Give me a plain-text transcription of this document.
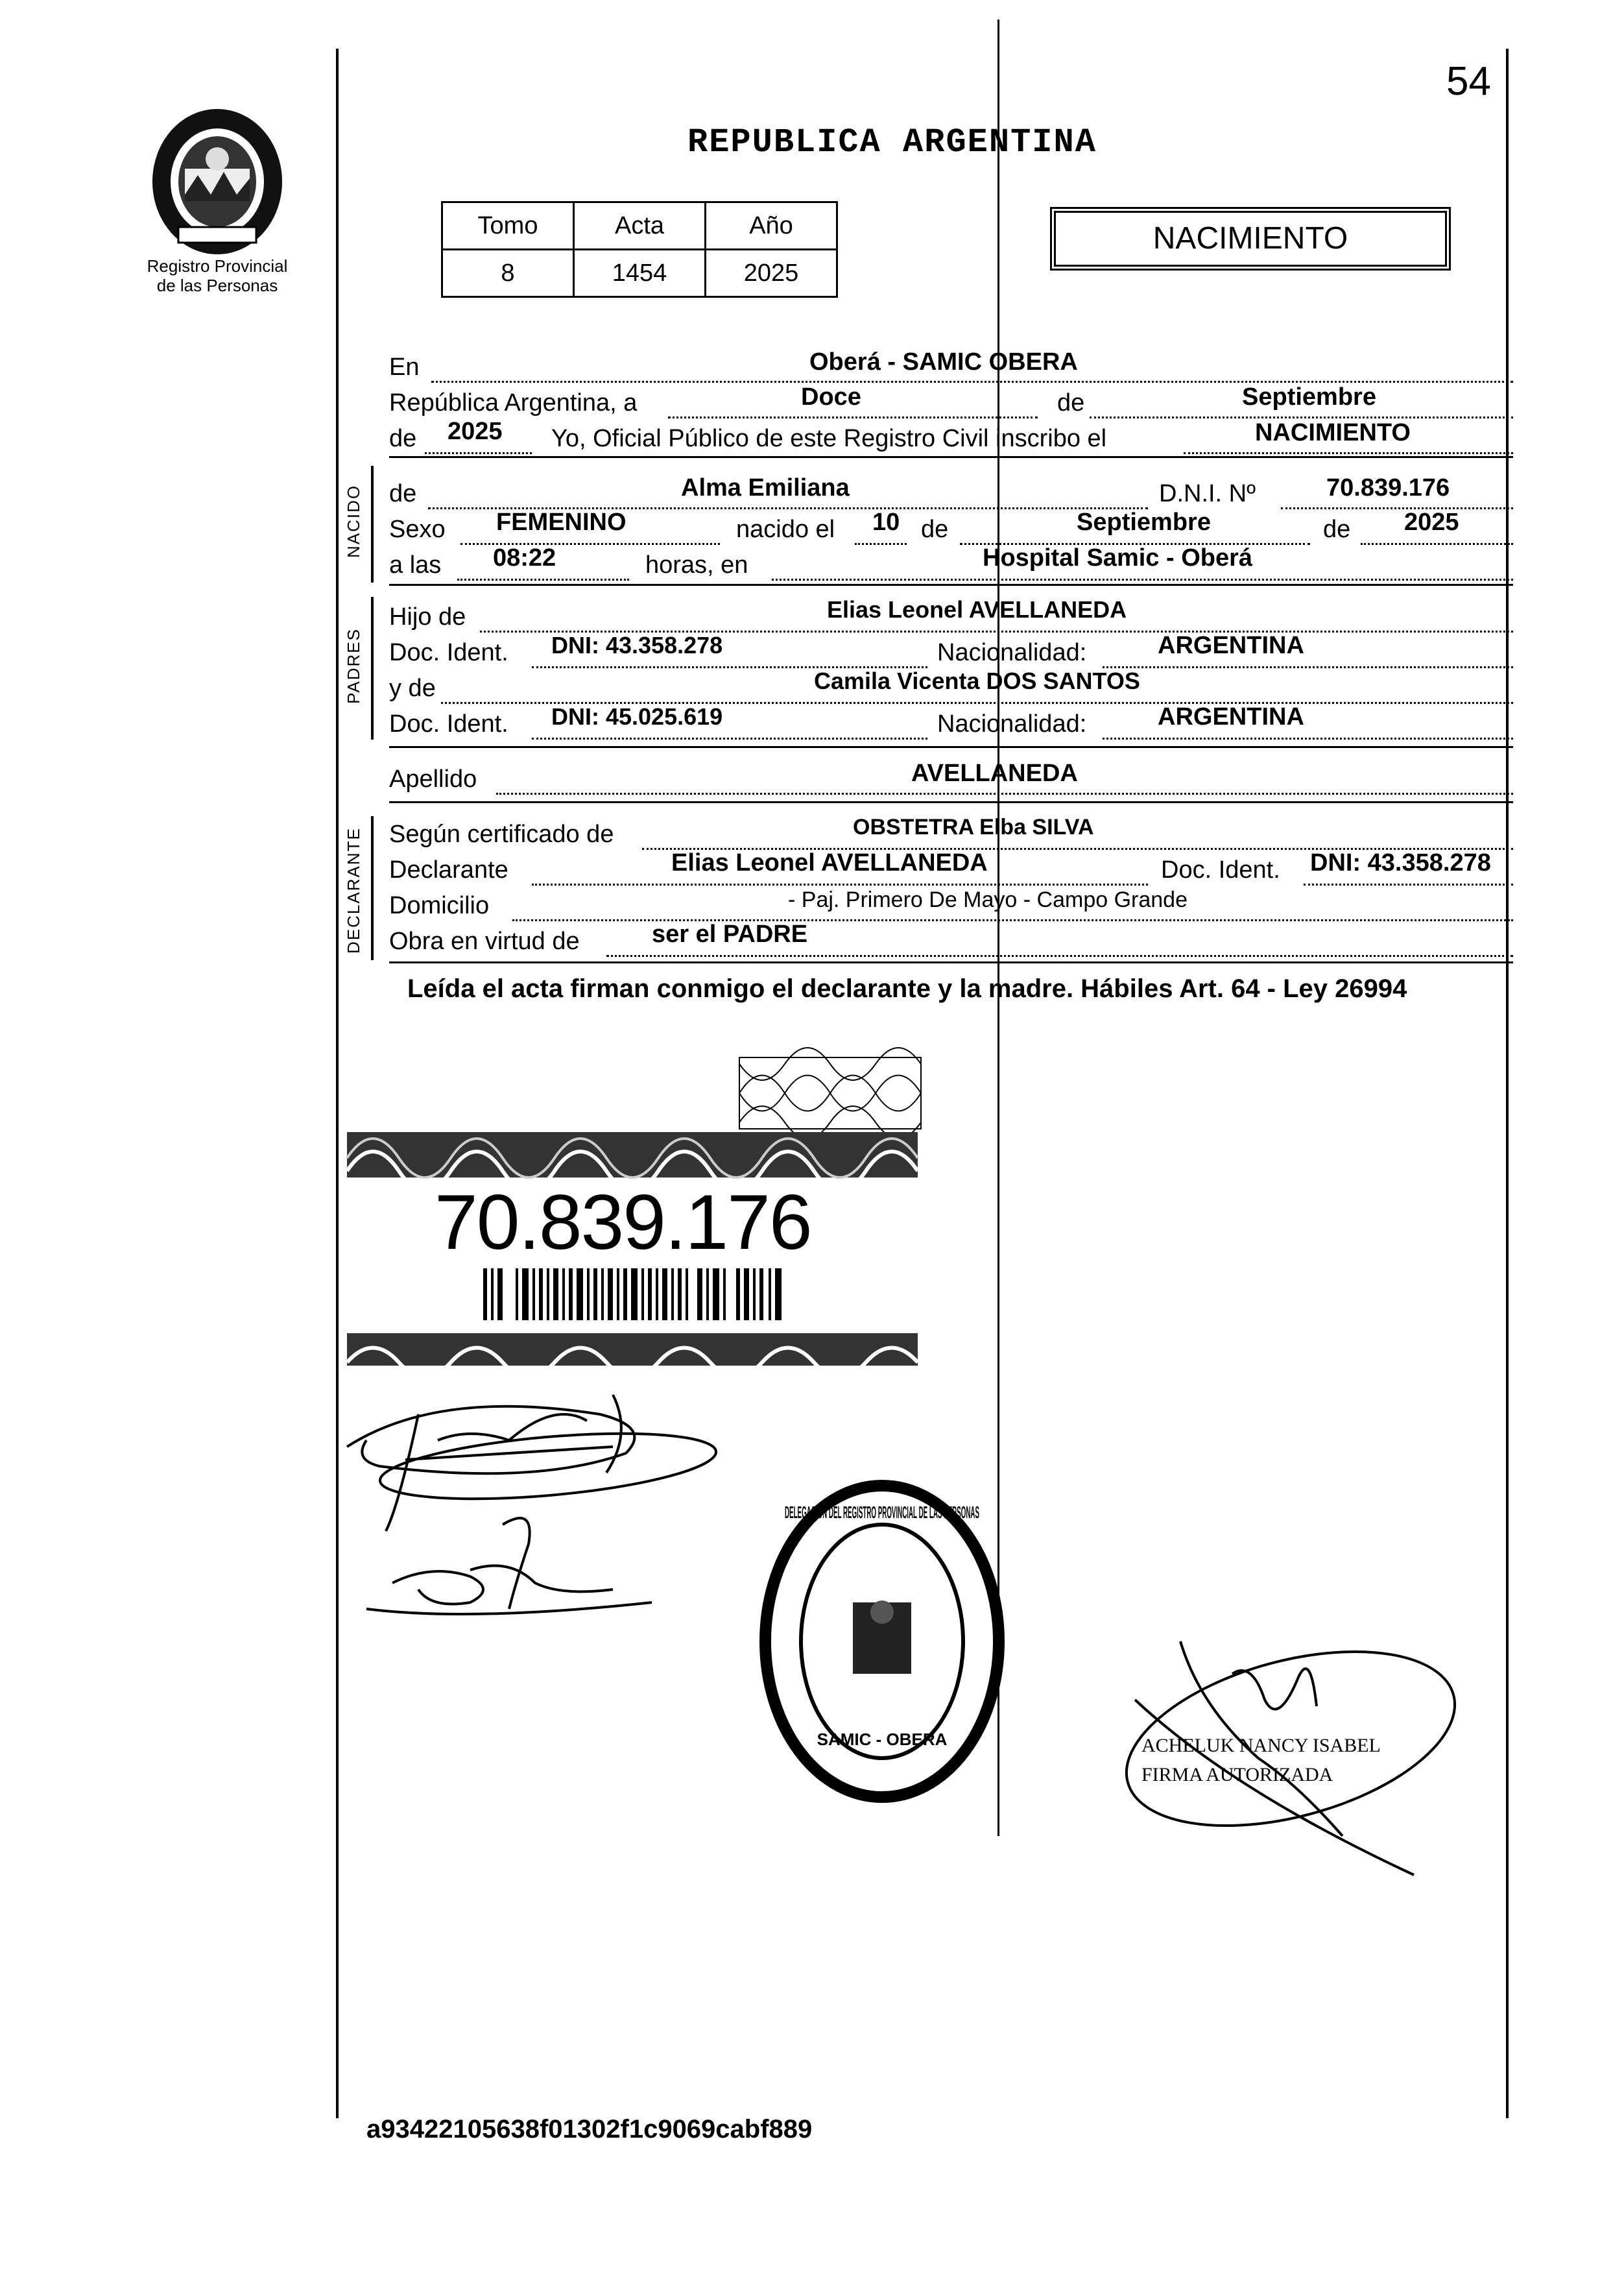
54
Registro Provincial
de las Personas
REPUBLICA ARGENTINA
Tomo	Acta	Año
8	1454	2025
NACIMIENTO
En	Oberá - SAMIC OBERA
República Argentina, a	Doce	de	Septiembre
de 2025 Yo, Oficial Público de este Registro Civil inscribo el	NACIMIENTO
NACIDO de	Alma Emiliana	D.N.I. Nº	70.839.176
Sexo FEMENINO	nacido el 10 de	Septiembre	de 2025
a las 08:22	horas, en	Hospital Samic - Oberá
PADRES
Hijo de	Elias Leonel AVELLANEDA
Doc. Ident. DNI: 43.358.278	Nacionalidad:	ARGENTINA
y de	Camila Vicenta DOS SANTOS
Doc. Ident. DNI: 45.025.619	Nacionalidad:	ARGENTINA
Apellido	AVELLANEDA
DECLARANTE Según certificado de	OBSTETRA Elba SILVA
Declarante	Elias Leonel AVELLANEDA	Doc. Ident. DNI: 43.358.278
Domicilio	- Paj. Primero De Mayo - Campo Grande
Obra en virtud de	ser el PADRE
Leída el acta firman conmigo el declarante y la madre. Hábiles Art. 64 - Ley 26994
70.839.176
DELEGACIÓN DEL REGISTRO PROVINCIAL DE LAS PERSONAS
SAMIC - OBERA	ACHELUK NANCY ISABEL
FIRMA AUTORIZADA
a93422105638f01302f1c9069cabf889
